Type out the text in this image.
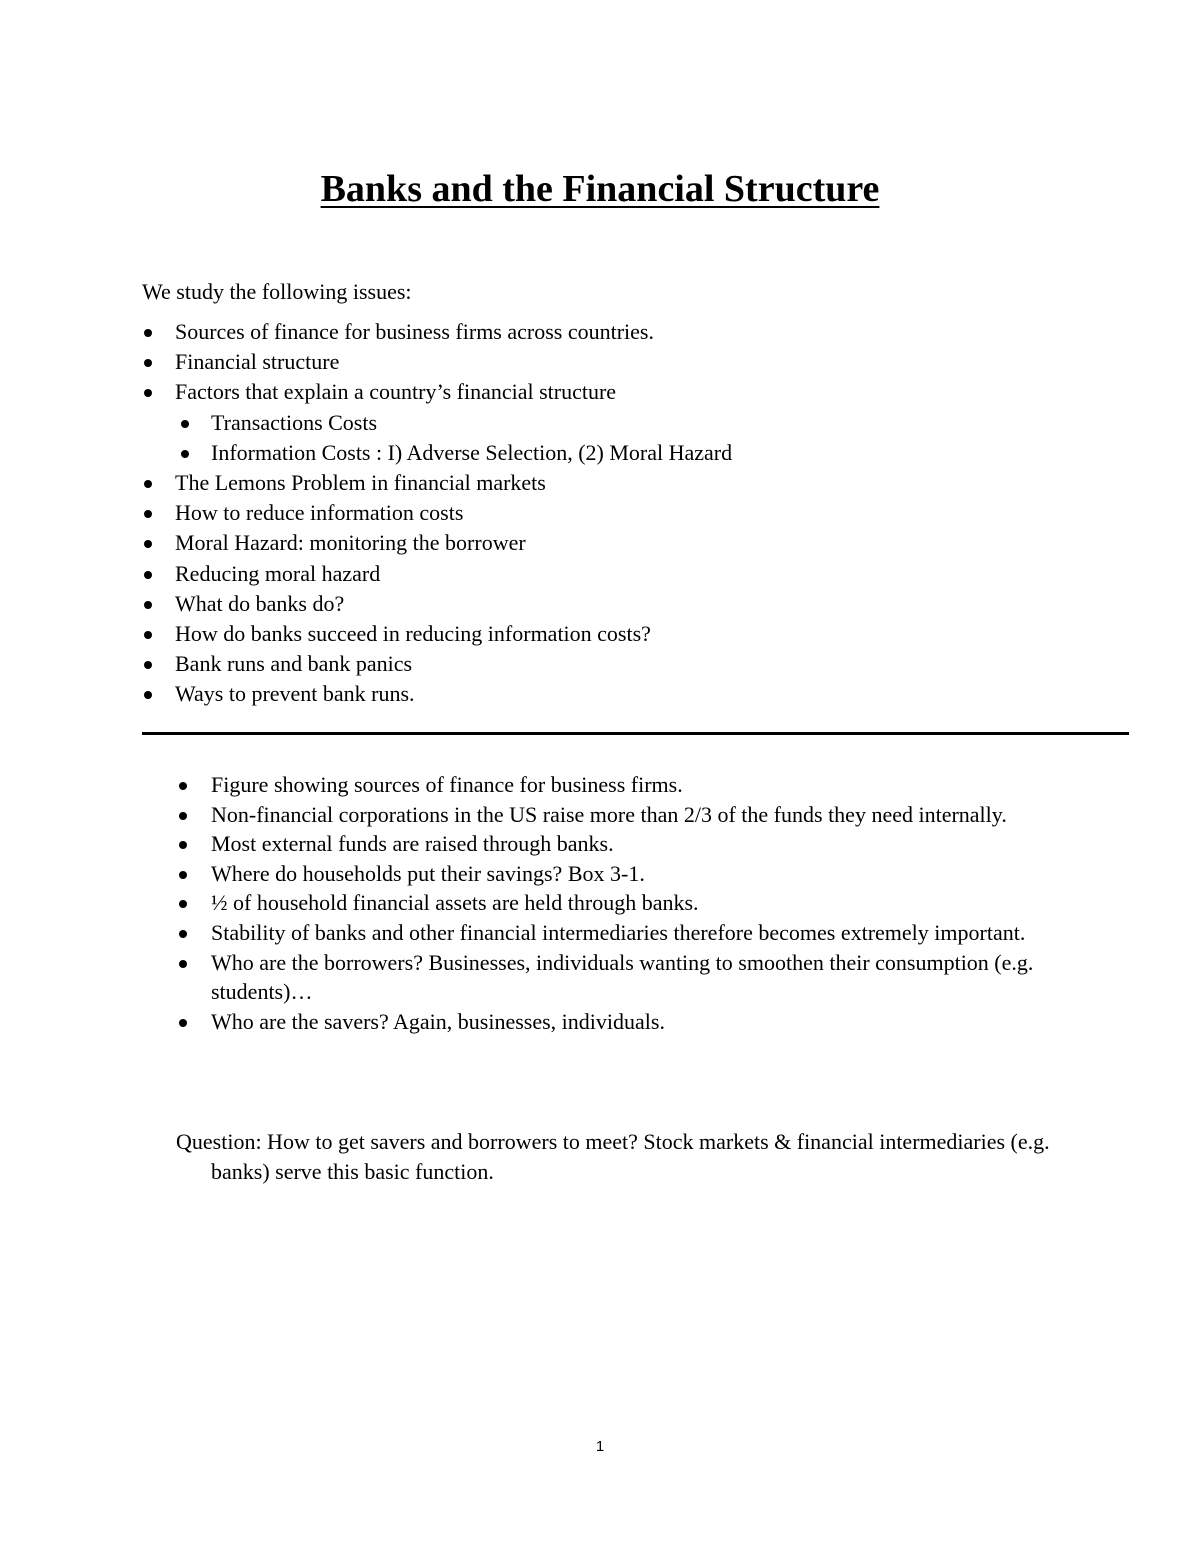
Banks and the Financial Structure
We study the following issues:
Sources of finance for business firms across countries.
Financial structure
Factors that explain a country’s financial structure
Transactions Costs
Information Costs : I) Adverse Selection, (2) Moral Hazard
The Lemons Problem in financial markets
How to reduce information costs
Moral Hazard: monitoring the borrower
Reducing moral hazard
What do banks do?
How do banks succeed in reducing information costs?
Bank runs and bank panics
Ways to prevent bank runs.
Figure showing sources of finance for business firms.
Non-financial corporations in the US raise more than 2/3 of the funds they need internally.
Most external funds are raised through banks.
Where do households put their savings? Box 3-1.
½ of household financial assets are held through banks.
Stability of banks and other financial intermediaries therefore becomes extremely important.
Who are the borrowers? Businesses, individuals wanting to smoothen their consumption (e.g. students)…
Who are the savers? Again, businesses, individuals.
Question: How to get savers and borrowers to meet? Stock markets & financial intermediaries (e.g. banks) serve this basic function.
1
